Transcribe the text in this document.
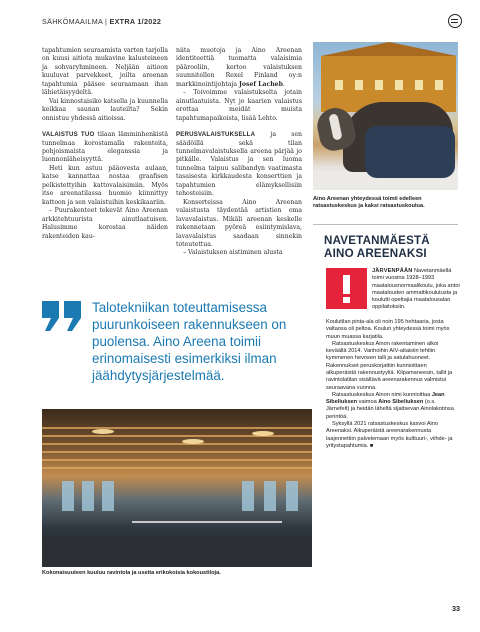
SÄHKÖMAAILMA | EXTRA 1/2022

tapahtumien seuraamista varten tarjolla on kuusi aitiota mukavine kalusteineen ja sohvaryhmineen. Neljään aitioon kuuluvat parvekkeet, joilta areenan tapahtumia pääsee seuraamaan ihan lähietäisyydeltä.

Vai kinnostaisiko katsella ja kuunnella keikkaa saunan lauteilta? Sekin onnistuu yhdessä aitioissa.

VALAISTUS TUO tilaan lämminhenkistä tunnelmaa korostamalla rakenteita, pohjoismaista eleganssia ja luonnonläheisyyttä.

Heti kun astuu pääovesta aulaan, katse kannattaa nostaa graafisen pelkistettyihin kattovalaisimiin. Myös itse areenatilassa huomio kiinnittyy kattoon ja sen valaistuihin keskikaariin.

– Puurakenteet tekevät Aino Areenan arkkitehtuurista ainutlaatuisen. Halusimme korostaa näiden rakenteiden kau-

niita muotoja ja Aino Areenan identiteettiä tuomatta valaisimia päärooliin, kertoo valaistuksen suunnitellen Rexel Finland oy:n markkinointijohtaja Josef Lacheb.

– Toivoimme valaistukselta jotain ainutlaatuista. Nyt jo kaarien valaistus erottaa meidät muista tapahtumapaikoista, lisää Lehto.

PERUSVALAISTUKSELLA ja sen säädöillä sekä tilan tunnelmavalaistuksella areena pärjää jo pitkälle. Valaistus ja sen luoma tunnelma taipuu salibandyn vaatimasta tasaisesta kirkkaudesta konserttien ja tapahtumien elämyksellisiin tehosteisiin.

Konserteissa Aino Areenan valaistusta täydentää artistien oma lavavalaistus. Mikäli areenan keskelle rakennetaan pyöreä esiintymislava, lavavalaistus saadaan sinnekin toteutettua.

– Valaistuksen aistiminen alusta

Aino Areenan yhteydessä toimii edelleen ratsastuskeskus ja kaksi ratsastuskoulua.
NAVETANMÄESTÄ AINO AREENAKSI

JÄRVENPÄÄN Navetanmäellä toimi vuosina 1928–1993 maatalousnormaalikoulu, joka antoi maatalouden ammattikoulutusta ja koulutti opettajia maatalousalan oppilaitoksiin.

Koulutilan pinta-ala oli noin 195 hehtaaria, josta valtaosa oli peltoa. Koulun yhteydessä toimi myös muun muassa karjatila.

Ratsastuskeskus Ainon rakentaminen alkoi keväällä 2014. Vanhoihin AIV-aitaisiin tehtiin kymmenen hevosen talli ja satulahuoneet. Rakennukset peruskorjattiin kunnioittaen alkuperäistä rakennustyyliä. Kilpamaneesin, tallit ja ravintolatilan sisältävä areenarakennus valmistui seuraavana vuonna.

Ratsastuskeskus Ainon nimi kunnioittaa Jean Sibeliuksen vaimoa Aino Sibeliuksen (o.s. Järnefelt) ja heidän läheltä sijaitsevan Ainolakotinsa perintöä.

Syksyllä 2021 ratsastuskeskus kasvoi Aino Areenaksi. Alkuperäistä areenarakennusta laajennettiin palvelemaan myös kulttuuri-, viihde- ja yritystapahtumia. ■

Talotekniikan toteuttamisessa puurunkoiseen rakennukseen on puolensa. Aino Areena toimii erinomaisesti esimerkiksi ilman jäähdytysjärjestelmää.
Kokonaisuuteen kuuluu ravintola ja useita erikokoisia kokoustiloja.
33
